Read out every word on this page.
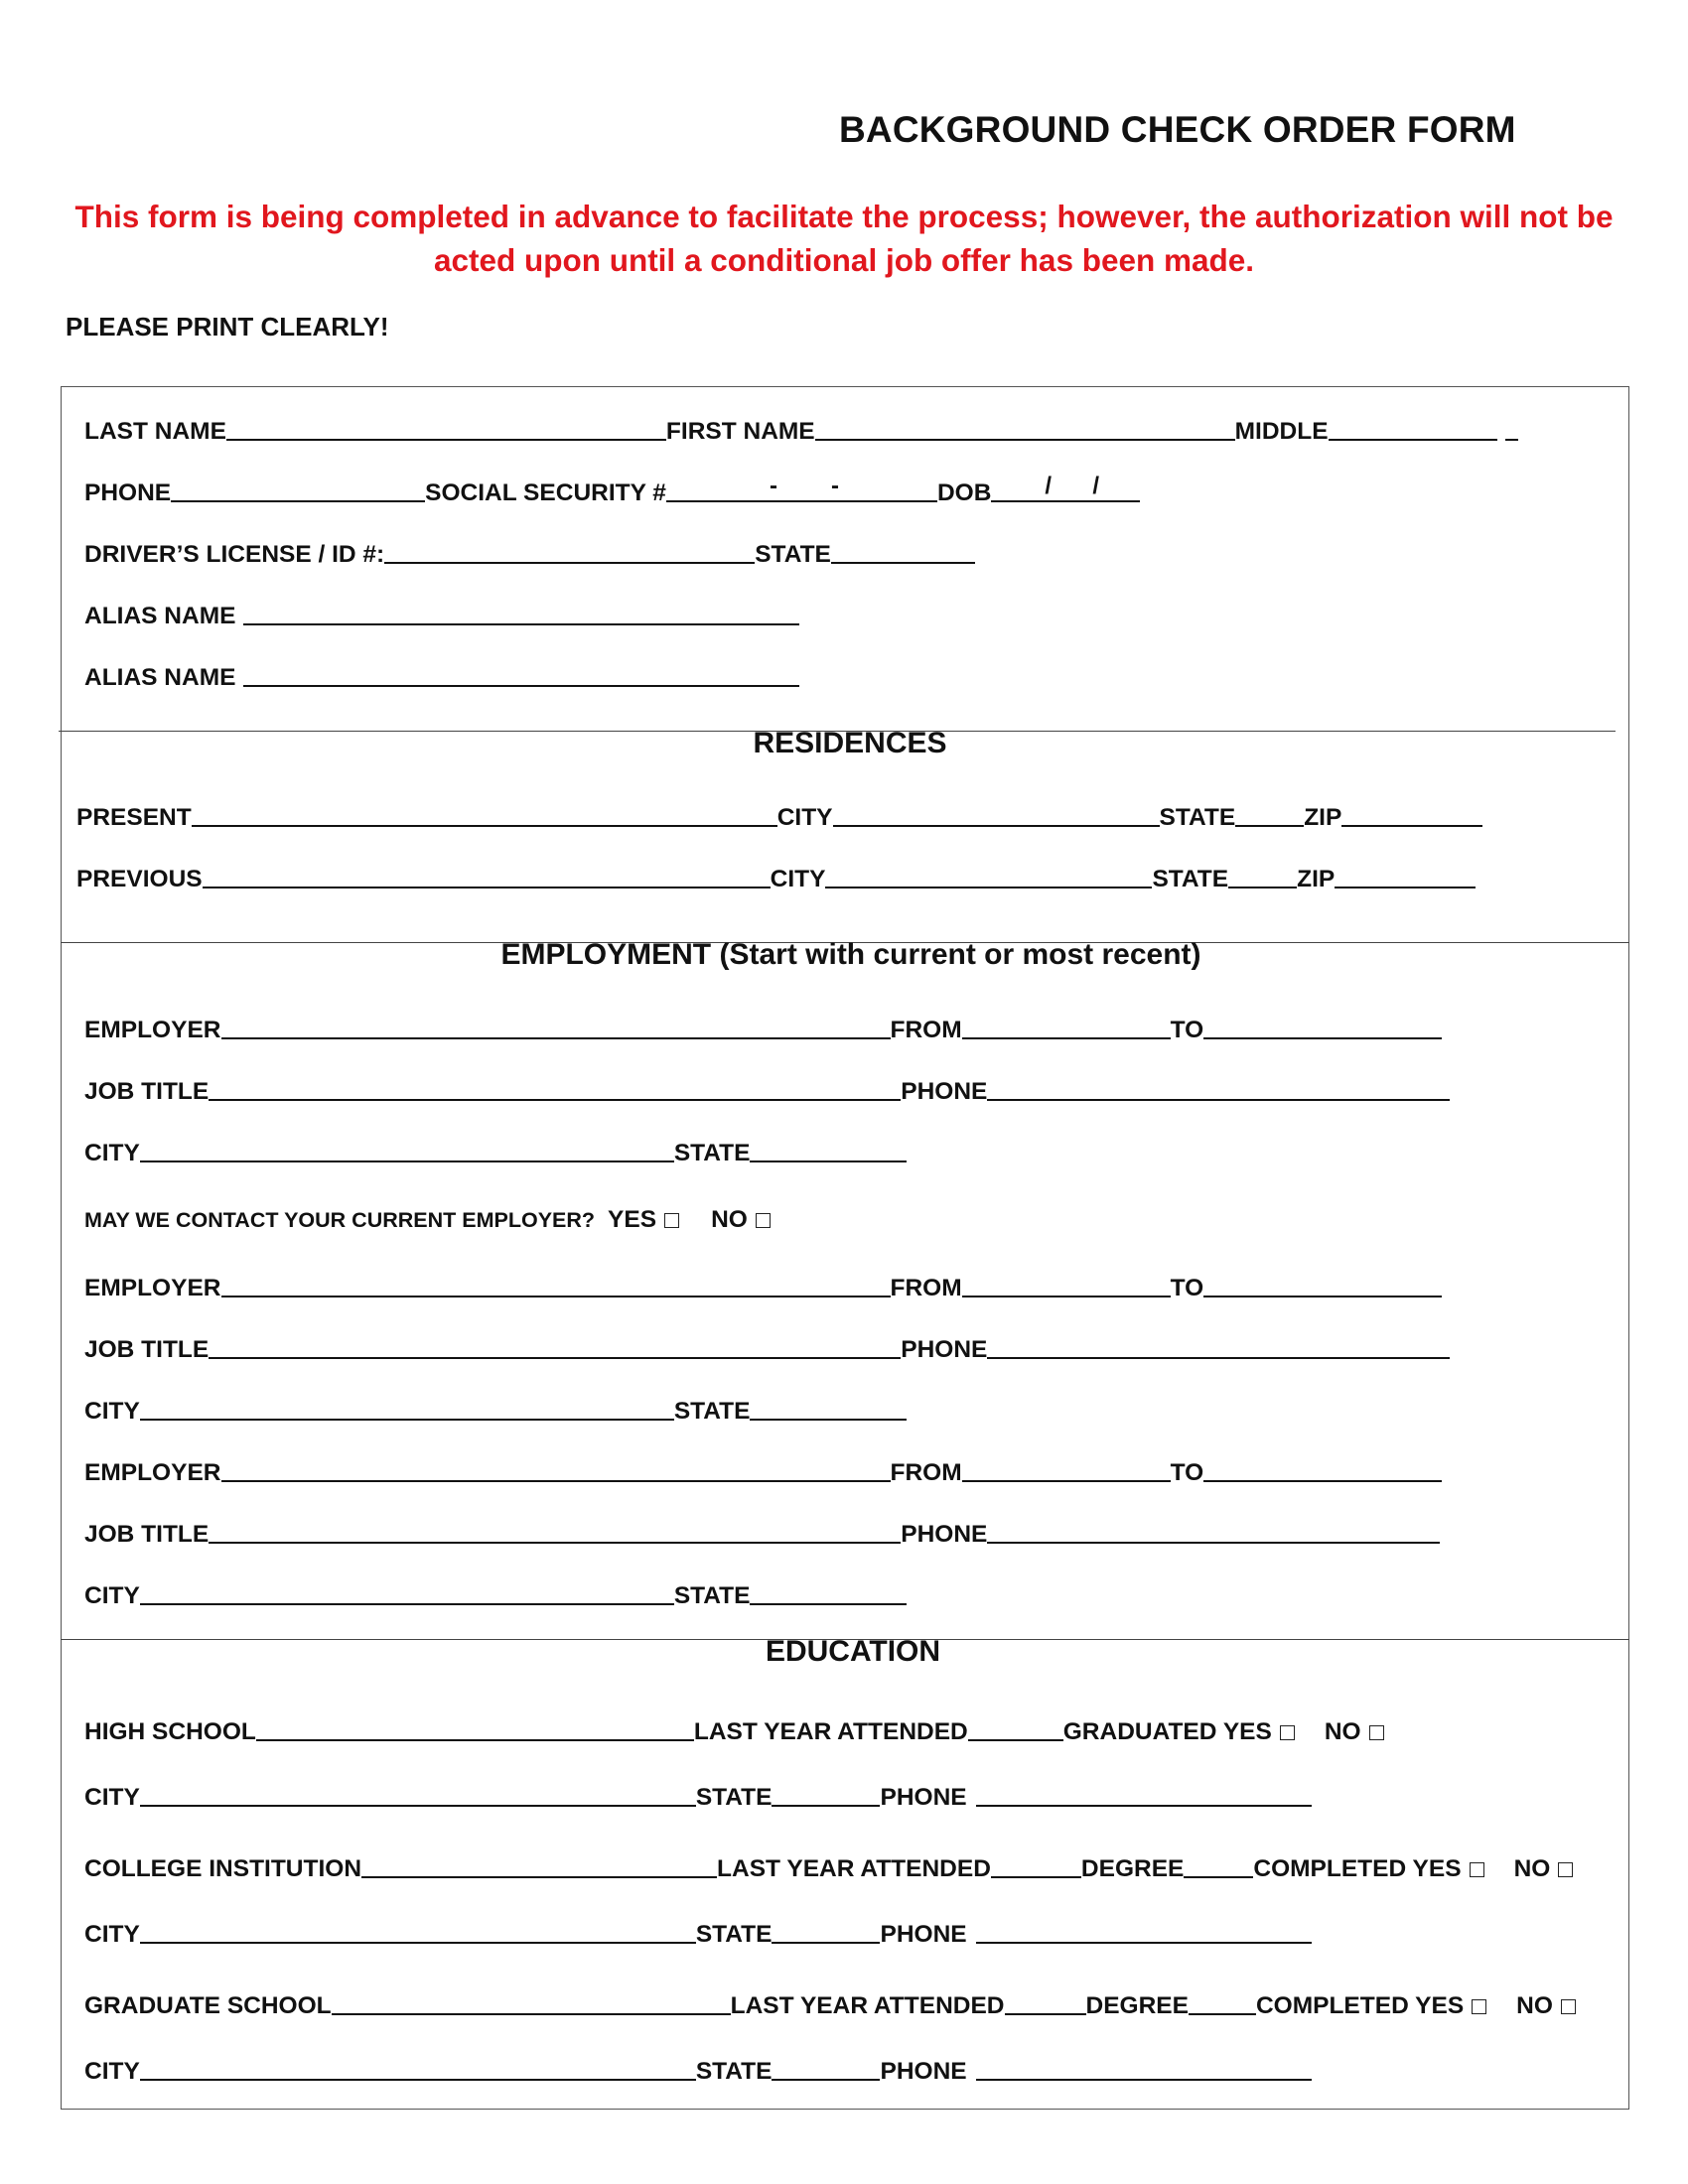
BACKGROUND CHECK ORDER FORM
This form is being completed in advance to facilitate the process; however, the authorization will not be acted upon until a conditional job offer has been made.
PLEASE PRINT CLEARLY!
LAST NAME	FIRST NAME	MIDDLE
PHONE	SOCIAL SECURITY #	- -	DOB / /
DRIVER’S LICENSE / ID #:	STATE
ALIAS NAME
ALIAS NAME
RESIDENCES
PRESENT	CITY	STATE	ZIP
PREVIOUS	CITY	STATE	ZIP
EMPLOYMENT (Start with current or most recent)
EMPLOYER	FROM	TO
JOB TITLE	PHONE
CITY	STATE
MAY WE CONTACT YOUR CURRENT EMPLOYER? YES NO
EMPLOYER	FROM	TO
JOB TITLE	PHONE
CITY	STATE
EMPLOYER	FROM	TO
JOB TITLE	PHONE
CITY	STATE
EDUCATION
HIGH SCHOOL	LAST YEAR ATTENDED	GRADUATED YES NO
CITY	STATE	PHONE
COLLEGE INSTITUTION	LAST YEAR ATTENDED	DEGREE	COMPLETED YES NO
CITY	STATE	PHONE
GRADUATE SCHOOL	LAST YEAR ATTENDED	DEGREE	COMPLETED YES NO
CITY	STATE	PHONE
